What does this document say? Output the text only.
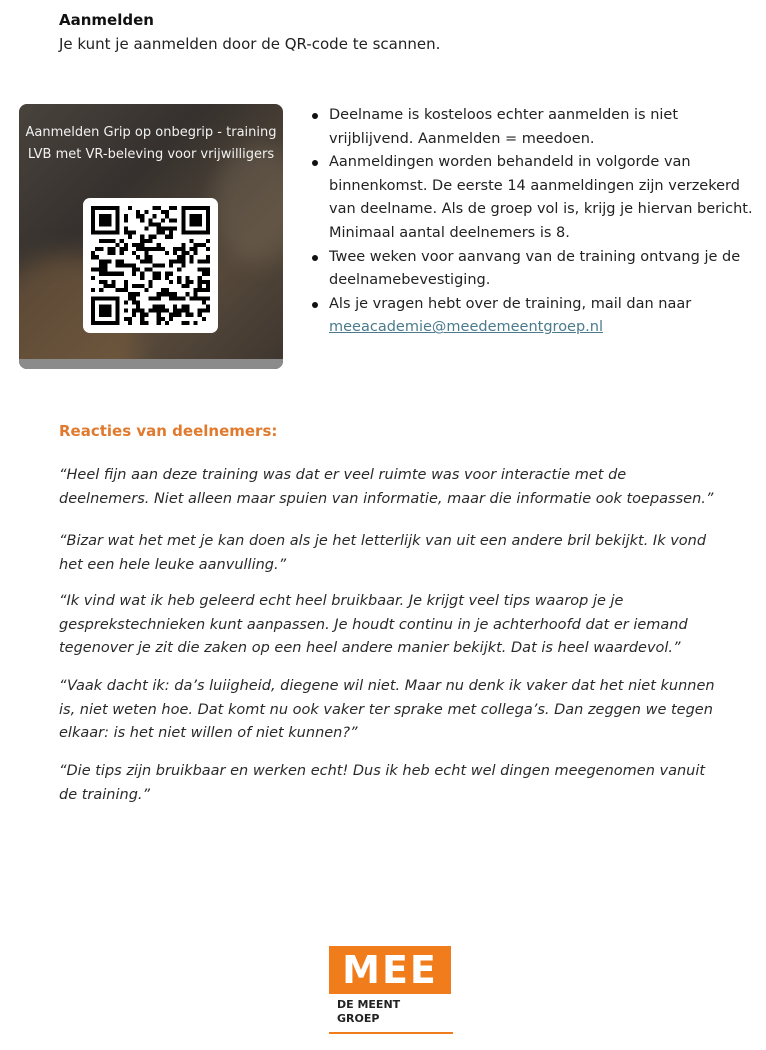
Aanmelden
Je kunt je aanmelden door de QR-code te scannen.
Aanmelden Grip op onbegrip - training LVB met VR-beleving voor vrijwilligers
Deelname is kosteloos echter aanmelden is niet vrijblijvend. Aanmelden = meedoen.
Aanmeldingen worden behandeld in volgorde van binnenkomst. De eerste 14 aanmeldingen zijn verzekerd van deelname. Als de groep vol is, krijg je hiervan bericht. Minimaal aantal deelnemers is 8.
Twee weken voor aanvang van de training ontvang je de deelnamebevestiging.
Als je vragen hebt over de training, mail dan naar
meeacademie@meedemeentgroep.nl
Reacties van deelnemers:
“Heel fijn aan deze training was dat er veel ruimte was voor interactie met de deelnemers. Niet alleen maar spuien van informatie, maar die informatie ook toepassen.”
“Bizar wat het met je kan doen als je het letterlijk van uit een andere bril bekijkt. Ik vond het een hele leuke aanvulling.”
“Ik vind wat ik heb geleerd echt heel bruikbaar. Je krijgt veel tips waarop je je gesprekstechnieken kunt aanpassen. Je houdt continu in je achterhoofd dat er iemand tegenover je zit die zaken op een heel andere manier bekijkt. Dat is heel waardevol.”
“Vaak dacht ik: da’s luiigheid, diegene wil niet. Maar nu denk ik vaker dat het niet kunnen is, niet weten hoe. Dat komt nu ook vaker ter sprake met collega’s. Dan zeggen we tegen elkaar: is het niet willen of niet kunnen?”
“Die tips zijn bruikbaar en werken echt! Dus ik heb echt wel dingen meegenomen vanuit de training.”
MEE
DE MEENT
GROEP
